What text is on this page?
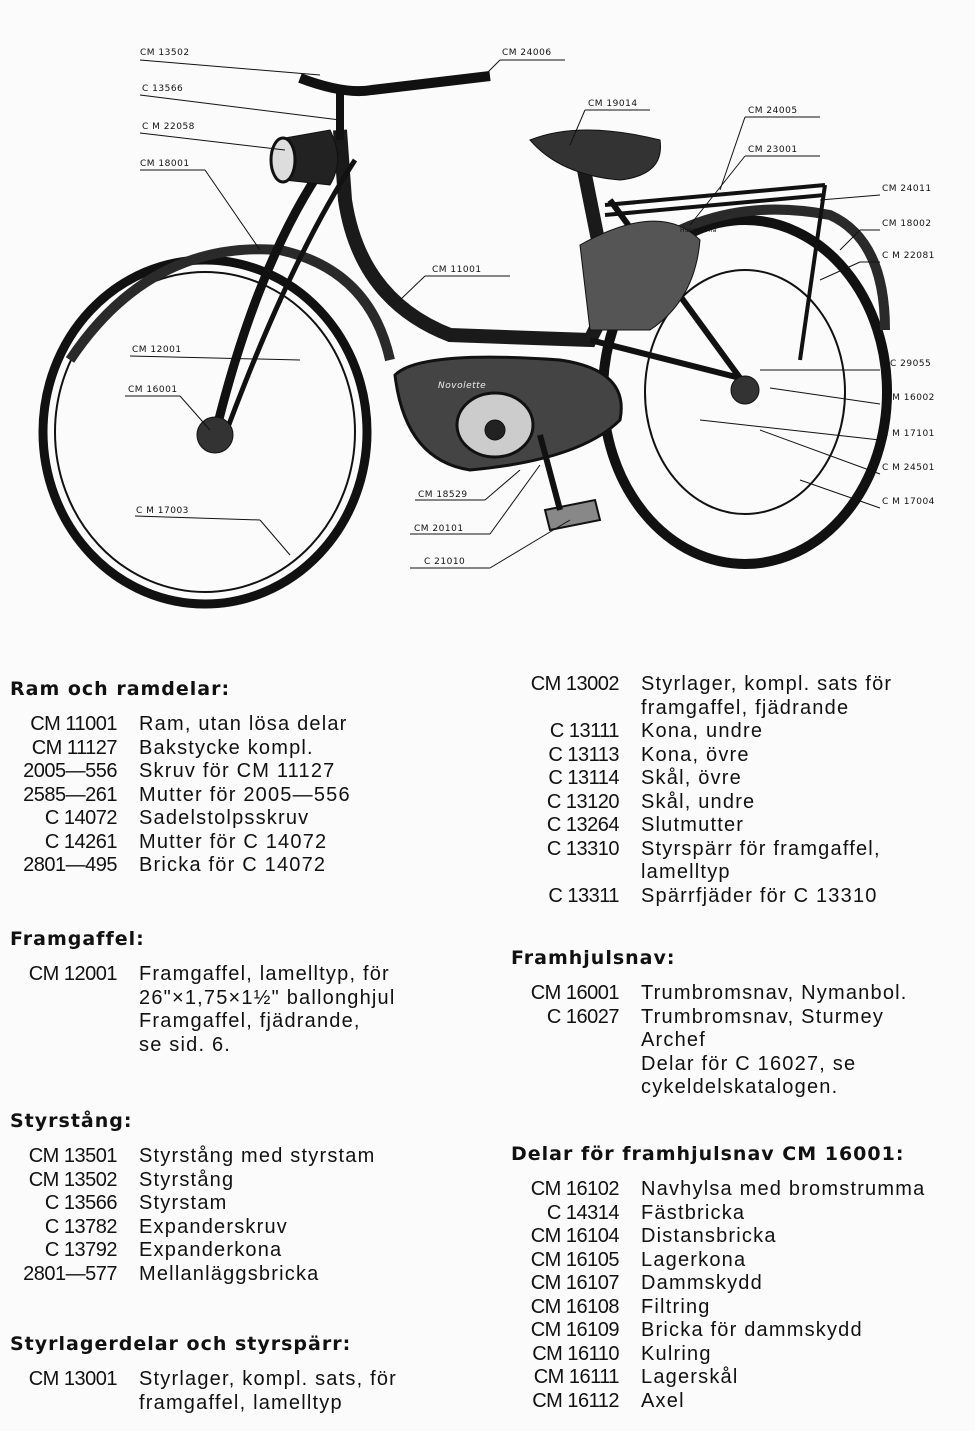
Novolette
Husqvarna
CM 13502
C 13566
C M 22058
CM 18001
CM 12001
CM 16001
C M 17003
CM 24006
CM 19014
CM 11001
CM 18529
CM 20101
C 21010
CM 24005
CM 23001
CM 24011
CM 18002
C M 22081
C 29055
C M 16002
C M 17101
C M 24501
C M 17004
Ram och ramdelar:
CM 11001	Ram, utan lösa delar
CM 11127	Bakstycke kompl.
2005—556	Skruv för CM 11127
2585—261	Mutter för 2005—556
C 14072	Sadelstolpsskruv
C 14261	Mutter för C 14072
2801—495	Bricka för C 14072
Framgaffel:
CM 12001	Framgaffel, lamelltyp, för
26"×1,75×1½" ballonghjul
Framgaffel, fjädrande,
se sid. 6.
Styrstång:
CM 13501	Styrstång med styrstam
CM 13502	Styrstång
C 13566	Styrstam
C 13782	Expanderskruv
C 13792	Expanderkona
2801—577	Mellanläggsbricka
Styrlagerdelar och styrspärr:
CM 13001	Styrlager, kompl. sats, för
framgaffel, lamelltyp
CM 13002	Styrlager, kompl. sats för
framgaffel, fjädrande
C 13111	Kona, undre
C 13113	Kona, övre
C 13114	Skål, övre
C 13120	Skål, undre
C 13264	Slutmutter
C 13310	Styrspärr för framgaffel,
lamelltyp
C 13311	Spärrfjäder för C 13310
Framhjulsnav:
CM 16001	Trumbromsnav, Nymanbol.
C 16027	Trumbromsnav, Sturmey
Archef
Delar för C 16027, se
cykeldelskatalogen.
Delar för framhjulsnav CM 16001:
CM 16102	Navhylsa med bromstrumma
C 14314	Fästbricka
CM 16104	Distansbricka
CM 16105	Lagerkona
CM 16107	Dammskydd
CM 16108	Filtring
CM 16109	Bricka för dammskydd
CM 16110	Kulring
CM 16111	Lagerskål
CM 16112	Axel
